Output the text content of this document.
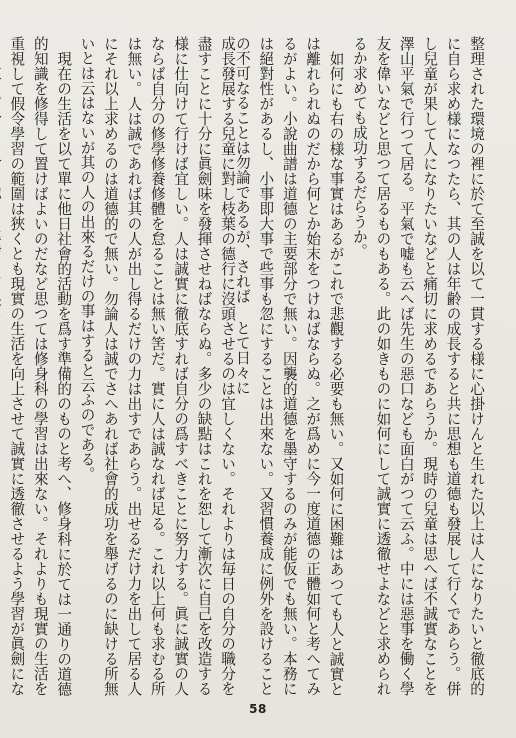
整理された環境の裡に於て至誠を以て一貫する様に心掛けんと生れた以上は人になりたいと徹底的に自ら求め様になつたら、其の人は年齢の成長すると共に思想も道德も發展して行くであらう。併し兒童が果して人になりたいなどと痛切に求めるであらうか。現時の兒童は思へば不誠實なことを澤山平氣で行つて居る。平氣で嘘も云へば先生の惡口なども面白がつて云ふ。中には惡事を働く學友を偉いなどと思つて居るものもある。此の如きものに如何にして誠實に透徹せよなどと求められるか求めても成功するだらうか。

如何にも右の様な事實はあるがこれで悲觀する必要も無い。又如何に困難はあつても人と誠實とは離れられぬのだから何とか始末をつけねばならぬ。之が爲めに今一度道德の正體如何と考へてみるがよい。小說曲譜は道德の主要部分で無い。因襲的道德を墨守するのみが能仮でも無い。本務には絕對性があるし、小事即大事で些事も忽にすることは出來ない。又習慣養成に例外を設けることの不可なることは勿論であるが、されば とて日々に

成長發展する兒童に對し枝葉の德行に沒頭させるのは宜しくない。それよりは毎日の自分の職分を盡すことに十分に眞劍味を發揮させねばならぬ。多少の缺點はこれを恕して漸次に自己を改造する様に仕向けて行けば宜しい。人は誠實に徹底すれば自分の爲すべきことに努力する。眞に誠實の人ならば自分の修學修養修體を怠ることは無い筈だ。實に人は誠なれば足る。これ以上何も求むる所は無い。人は誠であれば其の人が出し得るだけの力は出すであらう。出せるだけ力を出して居る人にそれ以上求めるのは道德的で無い。勿論人は誠でさへあれば社會的成功を舉げるのに缺ける所無いとは云はないが其の人の出來るだけの事はすると云ふのである。

現在の生活を以て單に他日社會的活動を爲す準備的のものと考へ、修身科に於ては一通りの道德的知識を修得して置けばよいのだなど思つては修身科の學習は出來ない。それよりも現實の生活を重視して假令學習の範圍は狹くとも現實の生活を向上させて誠實に透徹させるよう學習が眞劍にな

58
